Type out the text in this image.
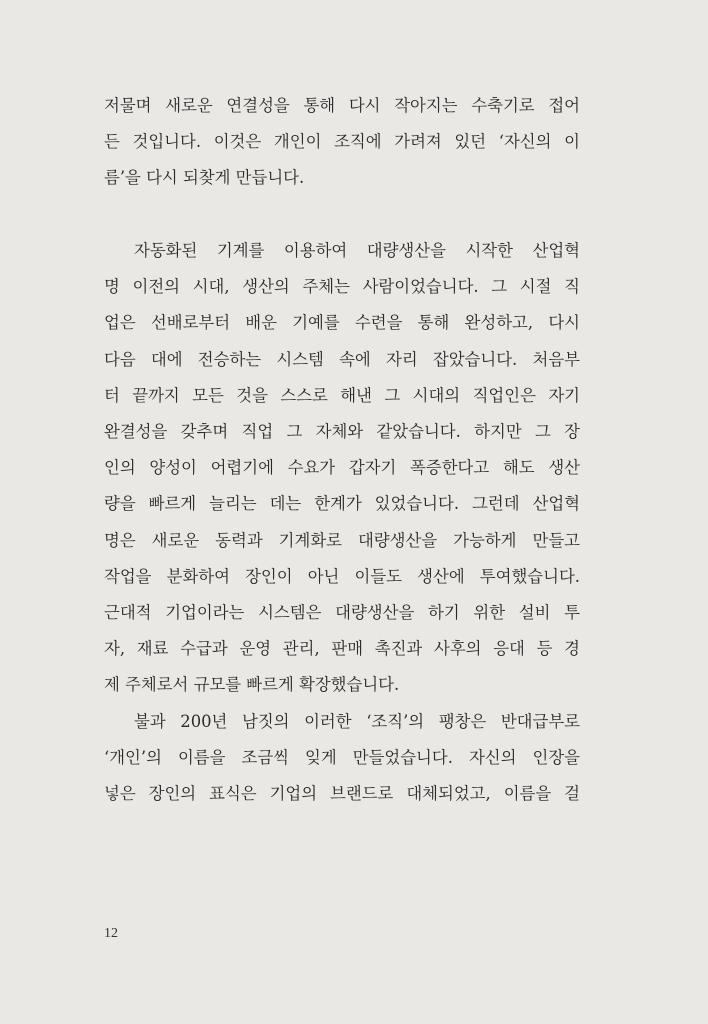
저물며 새로운 연결성을 통해 다시 작아지는 수축기로 접어
든 것입니다. 이것은 개인이 조직에 가려져 있던 ‘자신의 이
름’을 다시 되찾게 만듭니다.
자동화된 기계를 이용하여 대량생산을 시작한 산업혁
명 이전의 시대, 생산의 주체는 사람이었습니다. 그 시절 직
업은 선배로부터 배운 기예를 수련을 통해 완성하고, 다시
다음 대에 전승하는 시스템 속에 자리 잡았습니다. 처음부
터 끝까지 모든 것을 스스로 해낸 그 시대의 직업인은 자기
완결성을 갖추며 직업 그 자체와 같았습니다. 하지만 그 장
인의 양성이 어렵기에 수요가 갑자기 폭증한다고 해도 생산
량을 빠르게 늘리는 데는 한계가 있었습니다. 그런데 산업혁
명은 새로운 동력과 기계화로 대량생산을 가능하게 만들고
작업을 분화하여 장인이 아닌 이들도 생산에 투여했습니다.
근대적 기업이라는 시스템은 대량생산을 하기 위한 설비 투
자, 재료 수급과 운영 관리, 판매 촉진과 사후의 응대 등 경
제 주체로서 규모를 빠르게 확장했습니다.
불과 200년 남짓의 이러한 ‘조직’의 팽창은 반대급부로
‘개인’의 이름을 조금씩 잊게 만들었습니다. 자신의 인장을
넣은 장인의 표식은 기업의 브랜드로 대체되었고, 이름을 걸
12
